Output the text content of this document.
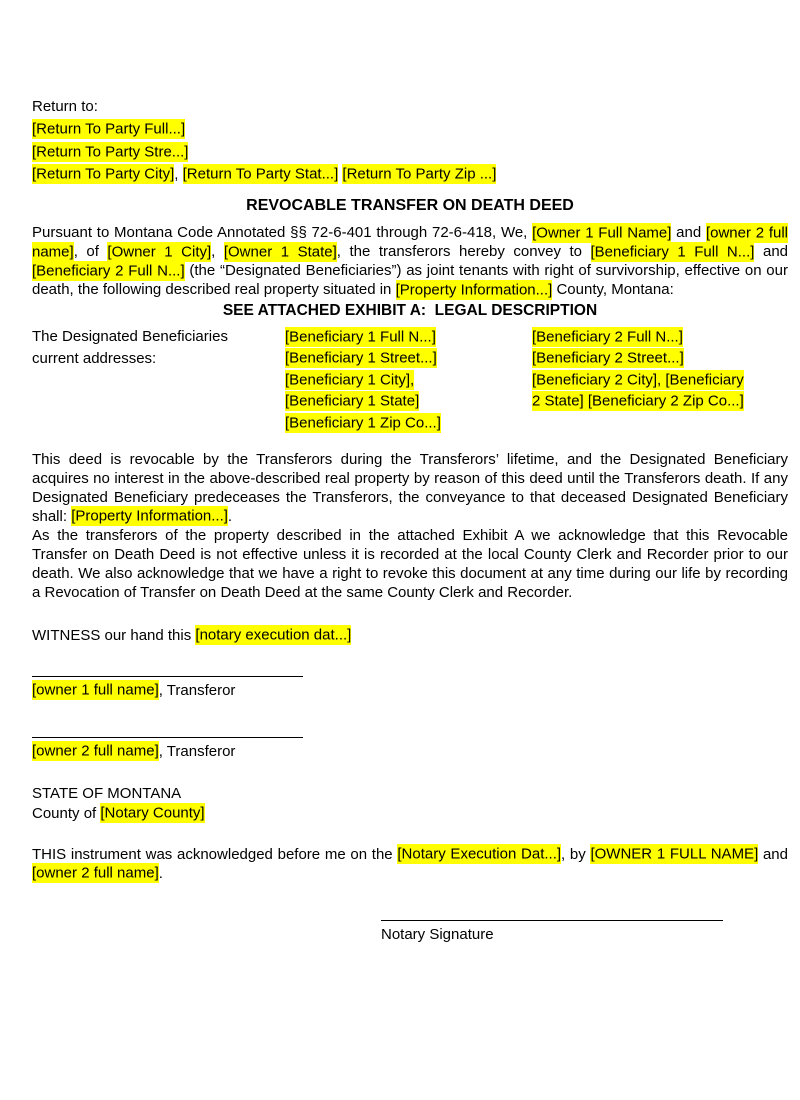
Return to:

[Return To Party Full...]

[Return To Party Stre...]

[Return To Party City], [Return To Party Stat...] [Return To Party Zip ...]

REVOCABLE TRANSFER ON DEATH DEED

Pursuant to Montana Code Annotated §§ 72-6-401 through 72-6-418, We, [Owner 1 Full Name] and [owner 2 full name], of [Owner 1 City], [Owner 1 State], the transferors hereby convey to [Beneficiary 1 Full N...] and [Beneficiary 2 Full N...] (the “Designated Beneficiaries”) as joint tenants with right of survivorship, effective on our death, the following described real property situated in [Property Information...] County, Montana:

SEE ATTACHED EXHIBIT A:  LEGAL DESCRIPTION

The Designated Beneficiaries

current addresses:

[Beneficiary 1 Full N...]

[Beneficiary 1 Street...]

[Beneficiary 1 City],

[Beneficiary 1 State]

[Beneficiary 1 Zip Co...]

[Beneficiary 2 Full N...]

[Beneficiary 2 Street...]

[Beneficiary 2 City], [Beneficiary

2 State] [Beneficiary 2 Zip Co...]

This deed is revocable by the Transferors during the Transferors’ lifetime, and the Designated Beneficiary acquires no interest in the above-described real property by reason of this deed until the Transferors death. If any Designated Beneficiary predeceases the Transferors, the conveyance to that deceased Designated Beneficiary shall: [Property Information...].

As the transferors of the property described in the attached Exhibit A we acknowledge that this Revocable Transfer on Death Deed is not effective unless it is recorded at the local County Clerk and Recorder prior to our death. We also acknowledge that we have a right to revoke this document at any time during our life by recording a Revocation of Transfer on Death Deed at the same County Clerk and Recorder.

WITNESS our hand this [notary execution dat...]

[owner 1 full name], Transferor

[owner 2 full name], Transferor

STATE OF MONTANA

County of [Notary County]

THIS instrument was acknowledged before me on the [Notary Execution Dat...], by [OWNER 1 FULL NAME] and [owner 2 full name].

Notary Signature
